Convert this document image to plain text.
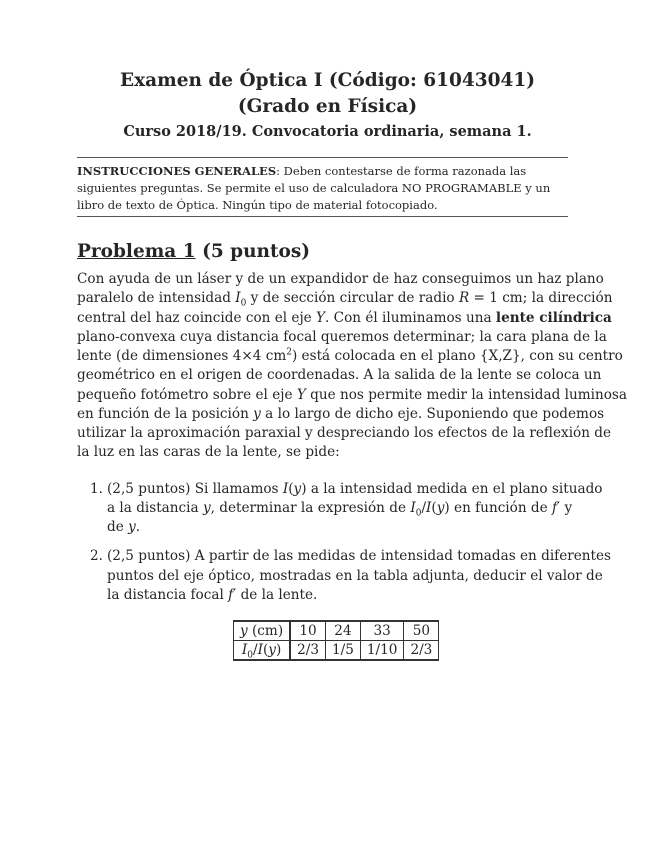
Examen de Óptica I (Código: 61043041)
(Grado en Física)
Curso 2018/19. Convocatoria ordinaria, semana 1.
INSTRUCCIONES GENERALES: Deben contestarse de forma razonada las siguientes preguntas. Se permite el uso de calculadora NO PROGRAMABLE y un libro de texto de Óptica. Ningún tipo de material fotocopiado.
Problema 1 (5 puntos)
Con ayuda de un láser y de un expandidor de haz conseguimos un haz plano
paralelo de intensidad $I_0$ y de sección circular de radio R = 1 cm; la dirección
central del haz coincide con el eje Y. Con él iluminamos una lente cilíndrica
plano-convexa cuya distancia focal queremos determinar; la cara plana de la
lente (de dimensiones 4×4 $cm^2$) está colocada en el plano {X,Z}, con su centro
geométrico en el origen de coordenadas. A la salida de la lente se coloca un
pequeño fotómetro sobre el eje Y que nos permite medir la intensidad luminosa
en función de la posición y a lo largo de dicho eje. Suponiendo que podemos
utilizar la aproximación paraxial y despreciando los efectos de la reflexión de
la luz en las caras de la lente, se pide:
1. (2,5 puntos) Si llamamos I(y) a la intensidad medida en el plano situado
a la distancia y, determinar la expresión de $I_0/I(y)$ en función de f′ y
de y.
2. (2,5 puntos) A partir de las medidas de intensidad tomadas en diferentes
puntos del eje óptico, mostradas en la tabla adjunta, deducir el valor de
la distancia focal f′ de la lente.
y (cm)	10	24	33	50
$I_0/I(y)$	2/3	1/5	1/10	2/3
